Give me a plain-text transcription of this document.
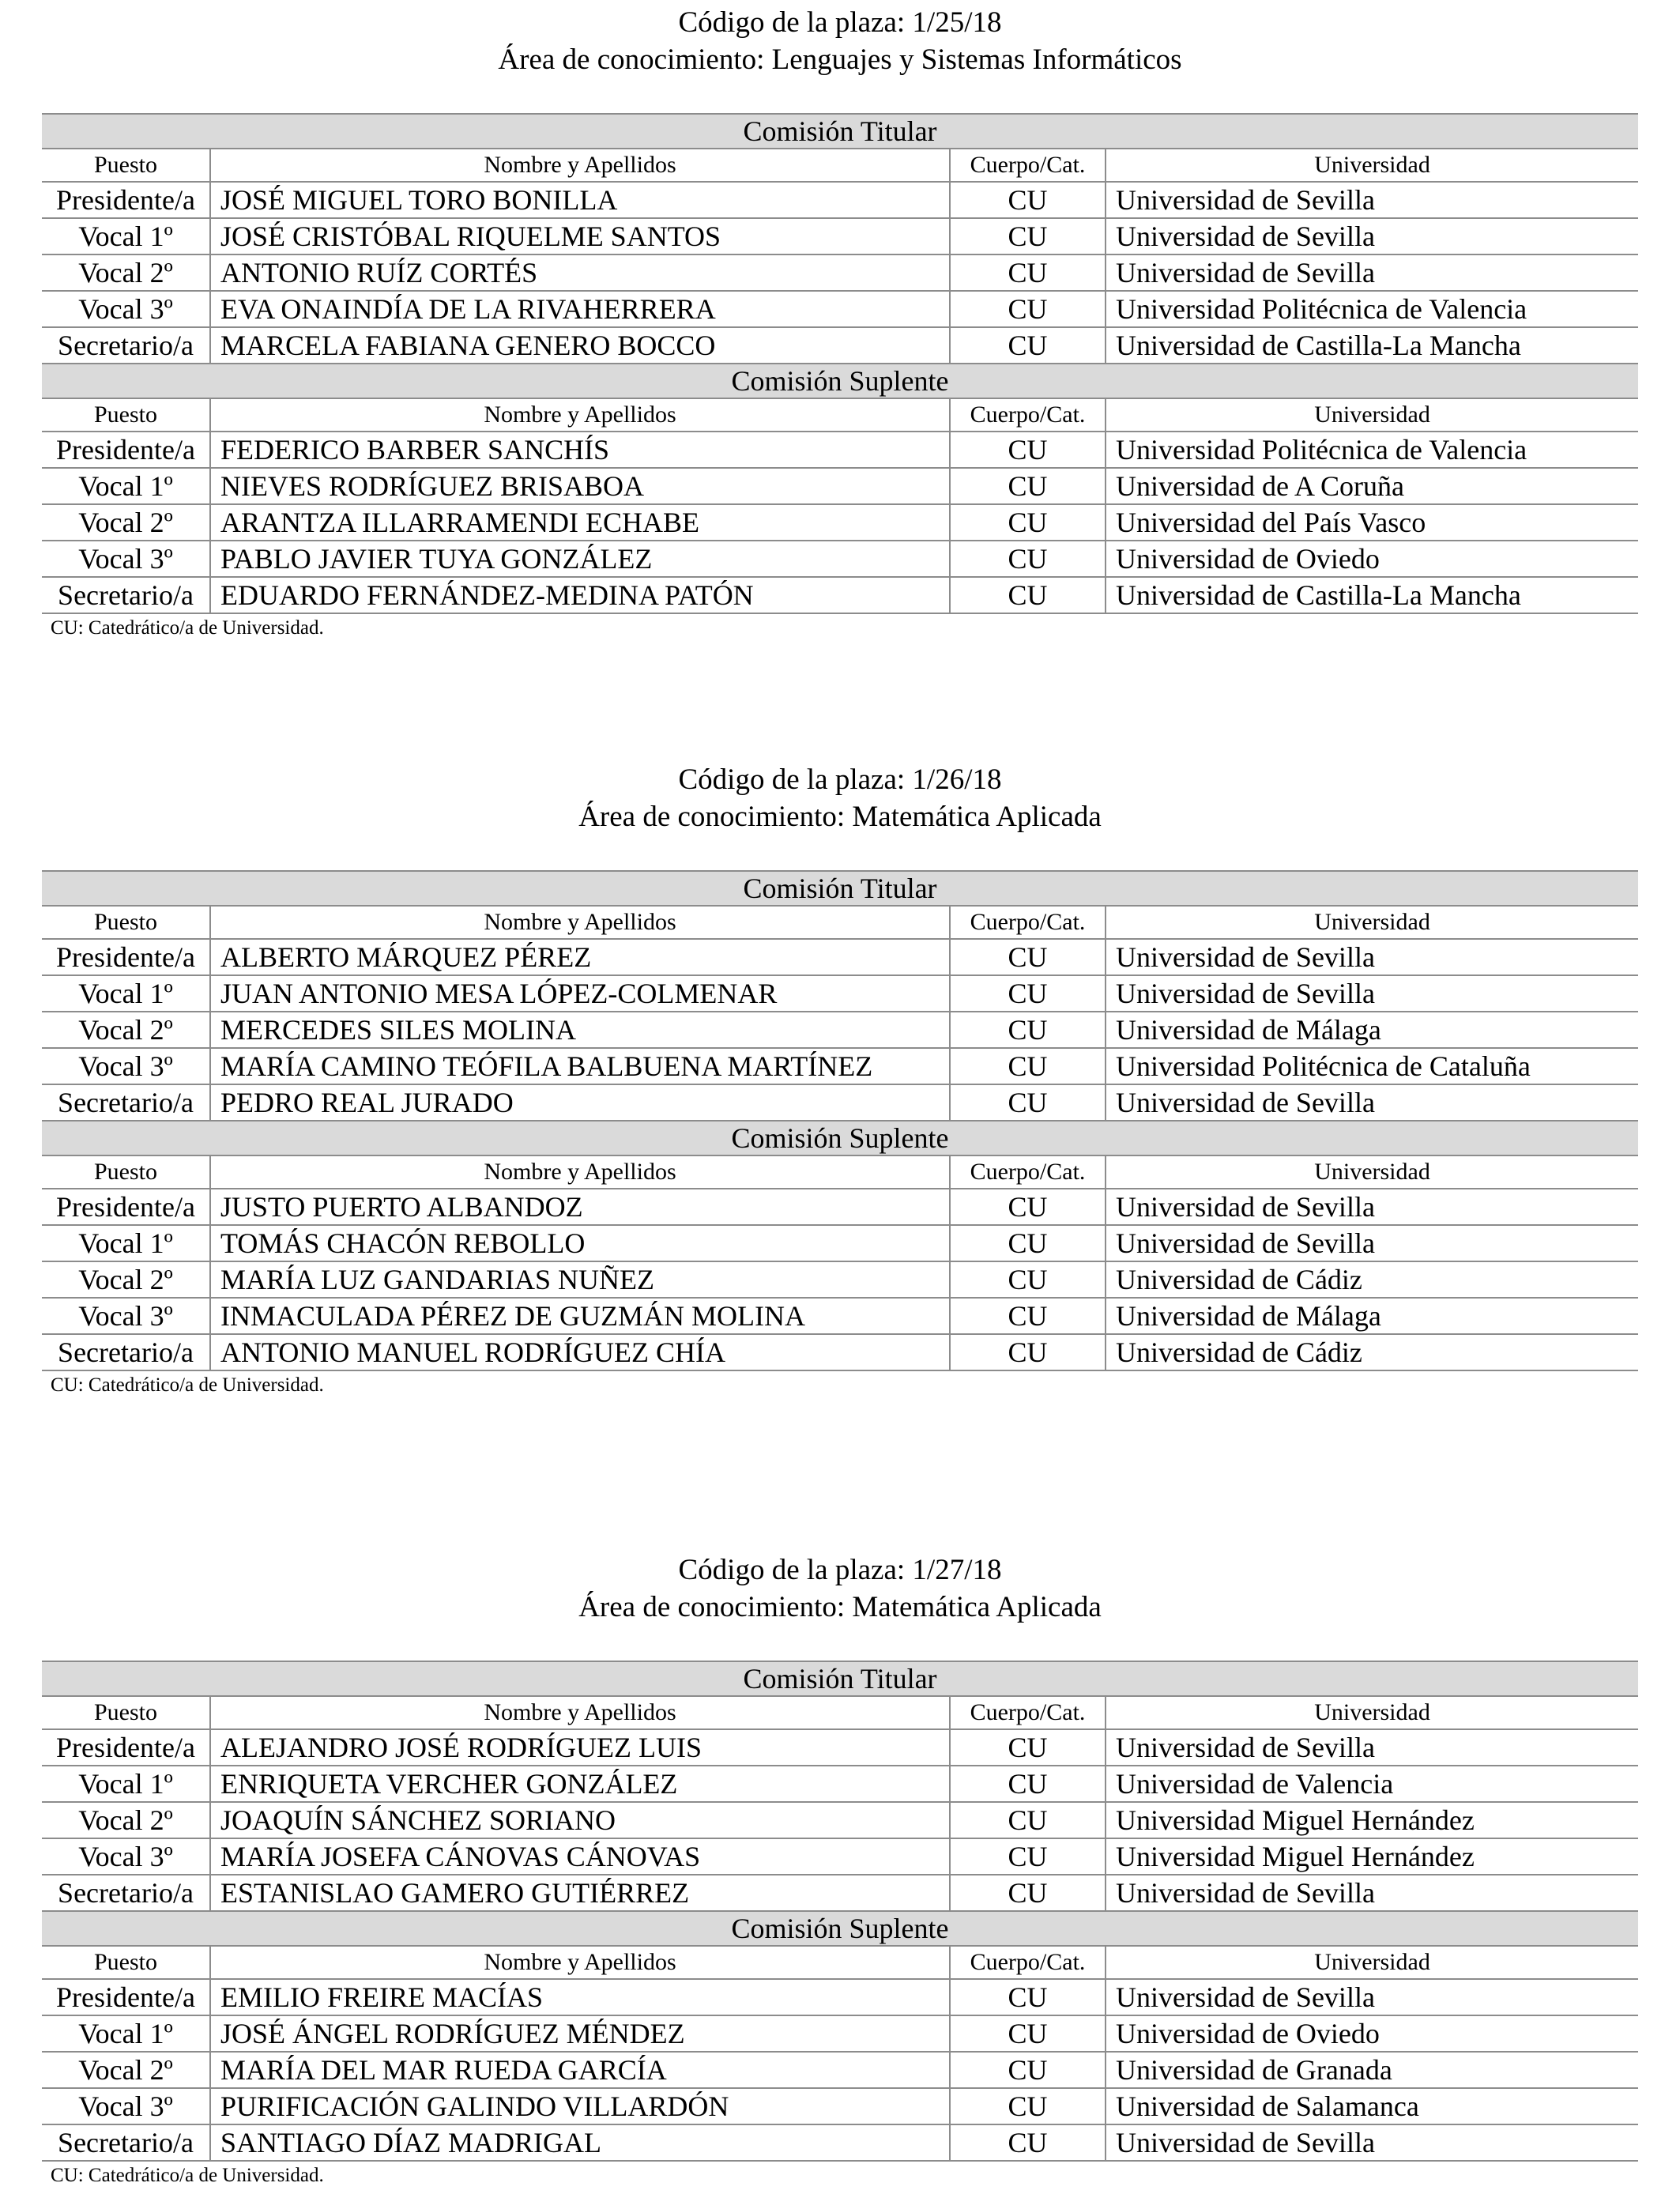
Código de la plaza: 1/25/18

Área de conocimiento: Lenguajes y Sistemas Informáticos

Comisión Titular			
Puesto	Nombre y Apellidos	Cuerpo/Cat.	Universidad
Presidente/a	JOSÉ MIGUEL TORO BONILLA	CU	Universidad de Sevilla
Vocal 1º	JOSÉ CRISTÓBAL RIQUELME SANTOS	CU	Universidad de Sevilla
Vocal 2º	ANTONIO RUÍZ CORTÉS	CU	Universidad de Sevilla
Vocal 3º	EVA ONAINDÍA DE LA RIVAHERRERA	CU	Universidad Politécnica de Valencia
Secretario/a	MARCELA FABIANA GENERO BOCCO	CU	Universidad de Castilla-La Mancha
Comisión Suplente			
Puesto	Nombre y Apellidos	Cuerpo/Cat.	Universidad
Presidente/a	FEDERICO BARBER SANCHÍS	CU	Universidad Politécnica de Valencia
Vocal 1º	NIEVES RODRÍGUEZ BRISABOA	CU	Universidad de A Coruña
Vocal 2º	ARANTZA ILLARRAMENDI ECHABE	CU	Universidad del País Vasco
Vocal 3º	PABLO JAVIER TUYA GONZÁLEZ	CU	Universidad de Oviedo
Secretario/a	EDUARDO FERNÁNDEZ-MEDINA PATÓN	CU	Universidad de Castilla-La Mancha

CU: Catedrático/a de Universidad.

Código de la plaza: 1/26/18

Área de conocimiento: Matemática Aplicada

Comisión Titular			
Puesto	Nombre y Apellidos	Cuerpo/Cat.	Universidad
Presidente/a	ALBERTO MÁRQUEZ PÉREZ	CU	Universidad de Sevilla
Vocal 1º	JUAN ANTONIO MESA LÓPEZ-COLMENAR	CU	Universidad de Sevilla
Vocal 2º	MERCEDES SILES MOLINA	CU	Universidad de Málaga
Vocal 3º	MARÍA CAMINO TEÓFILA BALBUENA MARTÍNEZ	CU	Universidad Politécnica de Cataluña
Secretario/a	PEDRO REAL JURADO	CU	Universidad de Sevilla
Comisión Suplente			
Puesto	Nombre y Apellidos	Cuerpo/Cat.	Universidad
Presidente/a	JUSTO PUERTO ALBANDOZ	CU	Universidad de Sevilla
Vocal 1º	TOMÁS CHACÓN REBOLLO	CU	Universidad de Sevilla
Vocal 2º	MARÍA LUZ GANDARIAS NUÑEZ	CU	Universidad de Cádiz
Vocal 3º	INMACULADA PÉREZ DE GUZMÁN MOLINA	CU	Universidad de Málaga
Secretario/a	ANTONIO MANUEL RODRÍGUEZ CHÍA	CU	Universidad de Cádiz

CU: Catedrático/a de Universidad.

Código de la plaza: 1/27/18

Área de conocimiento: Matemática Aplicada

Comisión Titular			
Puesto	Nombre y Apellidos	Cuerpo/Cat.	Universidad
Presidente/a	ALEJANDRO JOSÉ RODRÍGUEZ LUIS	CU	Universidad de Sevilla
Vocal 1º	ENRIQUETA VERCHER GONZÁLEZ	CU	Universidad de Valencia
Vocal 2º	JOAQUÍN SÁNCHEZ SORIANO	CU	Universidad Miguel Hernández
Vocal 3º	MARÍA JOSEFA CÁNOVAS CÁNOVAS	CU	Universidad Miguel Hernández
Secretario/a	ESTANISLAO GAMERO GUTIÉRREZ	CU	Universidad de Sevilla
Comisión Suplente			
Puesto	Nombre y Apellidos	Cuerpo/Cat.	Universidad
Presidente/a	EMILIO FREIRE MACÍAS	CU	Universidad de Sevilla
Vocal 1º	JOSÉ ÁNGEL RODRÍGUEZ MÉNDEZ	CU	Universidad de Oviedo
Vocal 2º	MARÍA DEL MAR RUEDA GARCÍA	CU	Universidad de Granada
Vocal 3º	PURIFICACIÓN GALINDO VILLARDÓN	CU	Universidad de Salamanca
Secretario/a	SANTIAGO DÍAZ MADRIGAL	CU	Universidad de Sevilla

CU: Catedrático/a de Universidad.
